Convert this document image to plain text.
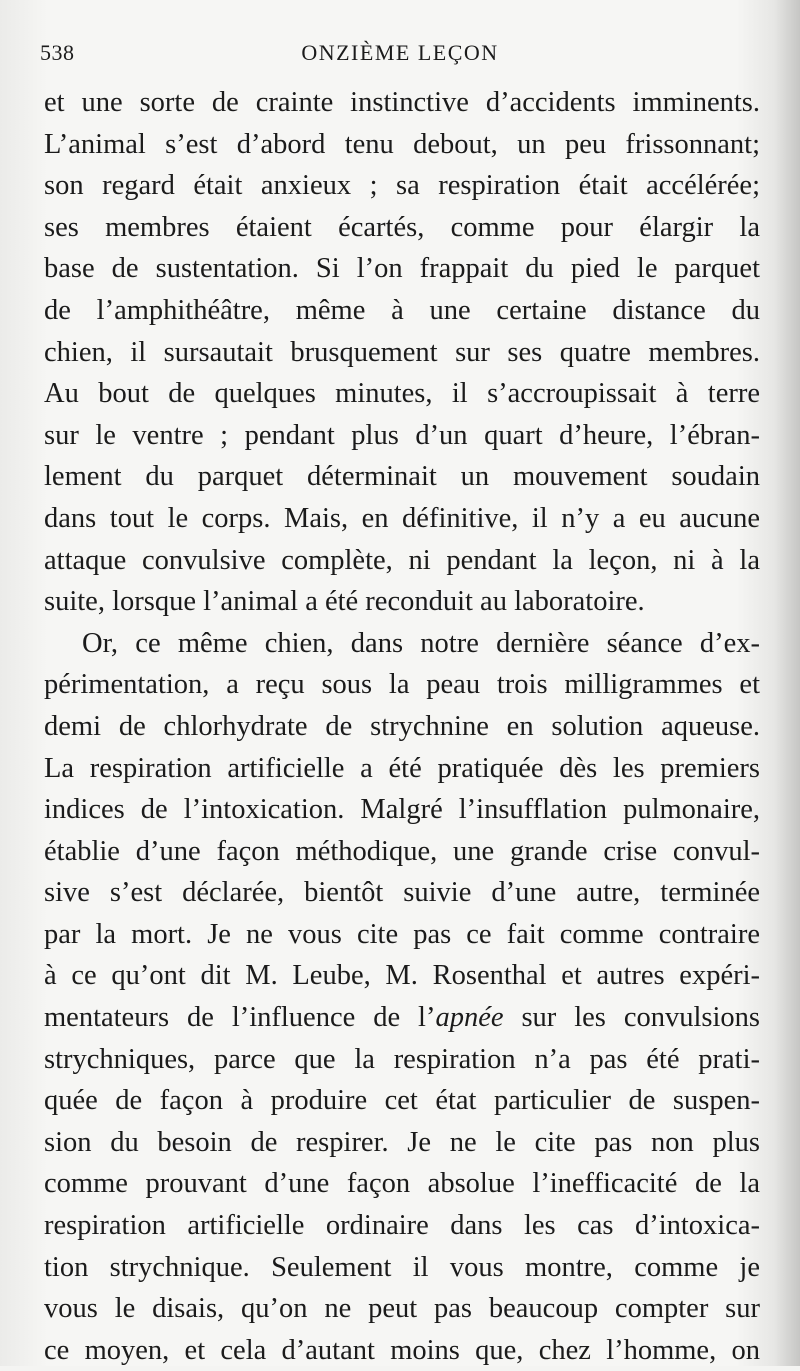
538	ONZIÈME LEÇON
et une sorte de crainte instinctive d’accidents imminents.
L’animal s’est d’abord tenu debout, un peu frissonnant;
son regard était anxieux ; sa respiration était accélérée;
ses membres étaient écartés, comme pour élargir la
base de sustentation. Si l’on frappait du pied le parquet
de l’amphithéâtre, même à une certaine distance du
chien, il sursautait brusquement sur ses quatre membres.
Au bout de quelques minutes, il s’accroupissait à terre
sur le ventre ; pendant plus d’un quart d’heure, l’ébran-
lement du parquet déterminait un mouvement soudain
dans tout le corps. Mais, en définitive, il n’y a eu aucune
attaque convulsive complète, ni pendant la leçon, ni à la
suite, lorsque l’animal a été reconduit au laboratoire.
Or, ce même chien, dans notre dernière séance d’ex-
périmentation, a reçu sous la peau trois milligrammes et
demi de chlorhydrate de strychnine en solution aqueuse.
La respiration artificielle a été pratiquée dès les premiers
indices de l’intoxication. Malgré l’insufflation pulmonaire,
établie d’une façon méthodique, une grande crise convul-
sive s’est déclarée, bientôt suivie d’une autre, terminée
par la mort. Je ne vous cite pas ce fait comme contraire
à ce qu’ont dit M. Leube, M. Rosenthal et autres expéri-
mentateurs de l’influence de l’apnée sur les convulsions
strychniques, parce que la respiration n’a pas été prati-
quée de façon à produire cet état particulier de suspen-
sion du besoin de respirer. Je ne le cite pas non plus
comme prouvant d’une façon absolue l’inefficacité de la
respiration artificielle ordinaire dans les cas d’intoxica-
tion strychnique. Seulement il vous montre, comme je
vous le disais, qu’on ne peut pas beaucoup compter sur
ce moyen, et cela d’autant moins que, chez l’homme, on
